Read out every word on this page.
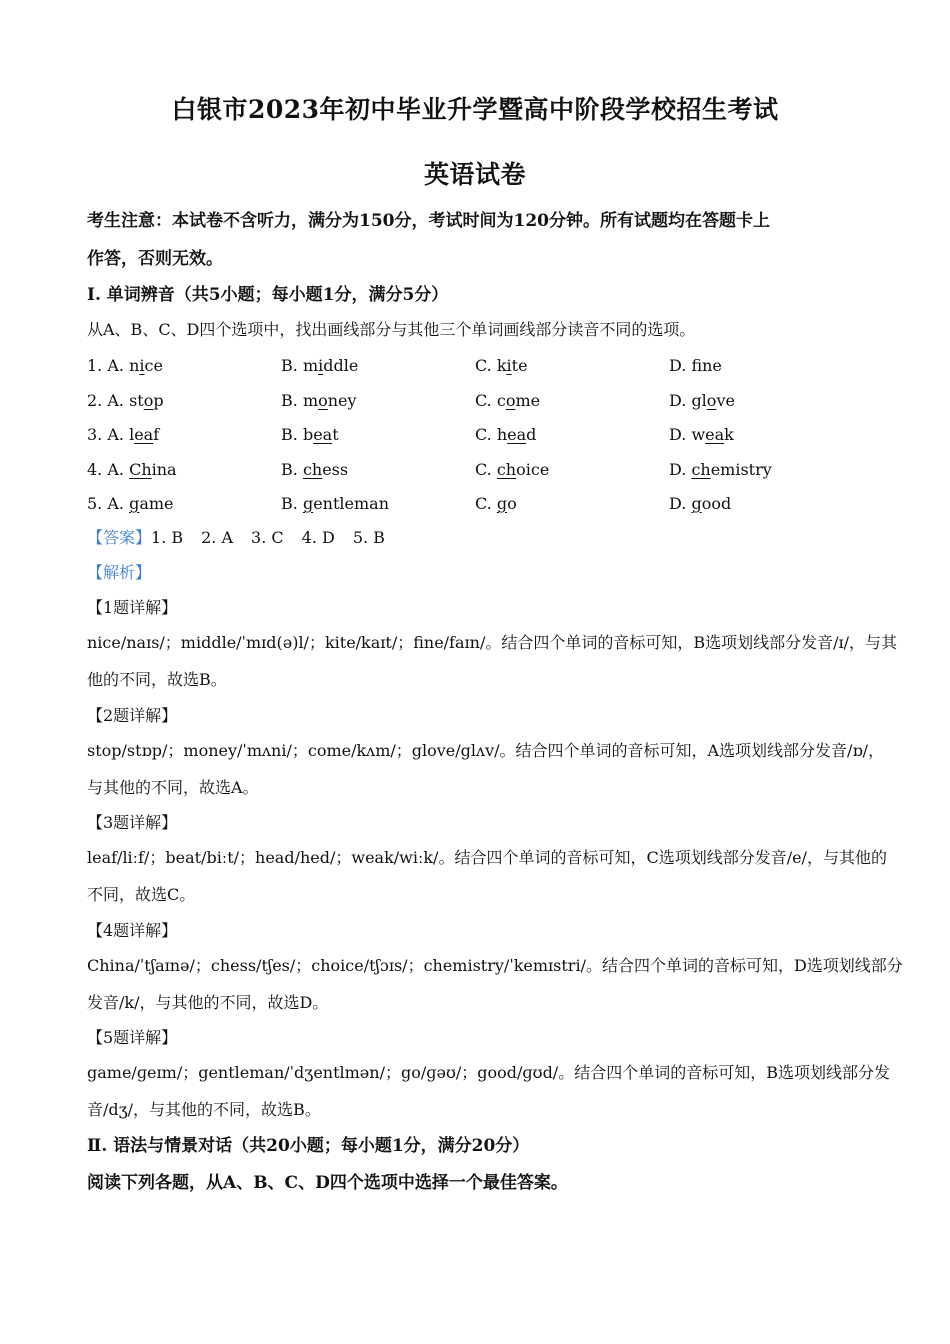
白银市2023年初中毕业升学暨高中阶段学校招生考试
英语试卷
考生注意：本试卷不含听力，满分为150分，考试时间为120分钟。所有试题均在答题卡上
作答，否则无效。
Ⅰ. 单词辨音（共5小题；每小题1分，满分5分）
从A、B、C、D四个选项中，找出画线部分与其他三个单词画线部分读音不同的选项。
1. A. nice	B. middle	C. kite	D. fne
2. A. stop	B. money	C. come	D. glove
3. A. leaf	B. beat	C. head	D. weak
4. A. China	B. chess	C. choice	D. chemistry
5. A. game	B. gentleman	C. go	D. good
【答案】1. B 2. A 3. C 4. D 5. B
【解析】
【1题详解】
nice/naɪs/；middle/ˈmɪd(ə)l/；kite/kaɪt/；fine/faɪn/。结合四个单词的音标可知，B选项划线部分发音/ɪ/，与其
他的不同，故选B。
【2题详解】
stop/stɒp/；money/ˈmʌni/；come/kʌm/；glove/glʌv/。结合四个单词的音标可知，A选项划线部分发音/ɒ/，
与其他的不同，故选A。
【3题详解】
leaf/liːf/；beat/biːt/；head/hed/；weak/wiːk/。结合四个单词的音标可知，C选项划线部分发音/e/，与其他的
不同，故选C。
【4题详解】
China/ˈtʃaɪnə/；chess/tʃes/；choice/tʃɔɪs/；chemistry/ˈkemɪstri/。结合四个单词的音标可知，D选项划线部分
发音/k/，与其他的不同，故选D。
【5题详解】
game/ɡeɪm/；gentleman/ˈdʒentlmən/；go/ɡəʊ/；good/ɡʊd/。结合四个单词的音标可知，B选项划线部分发
音/dʒ/，与其他的不同，故选B。
Ⅱ. 语法与情景对话（共20小题；每小题1分，满分20分）
阅读下列各题，从A、B、C、D四个选项中选择一个最佳答案。
